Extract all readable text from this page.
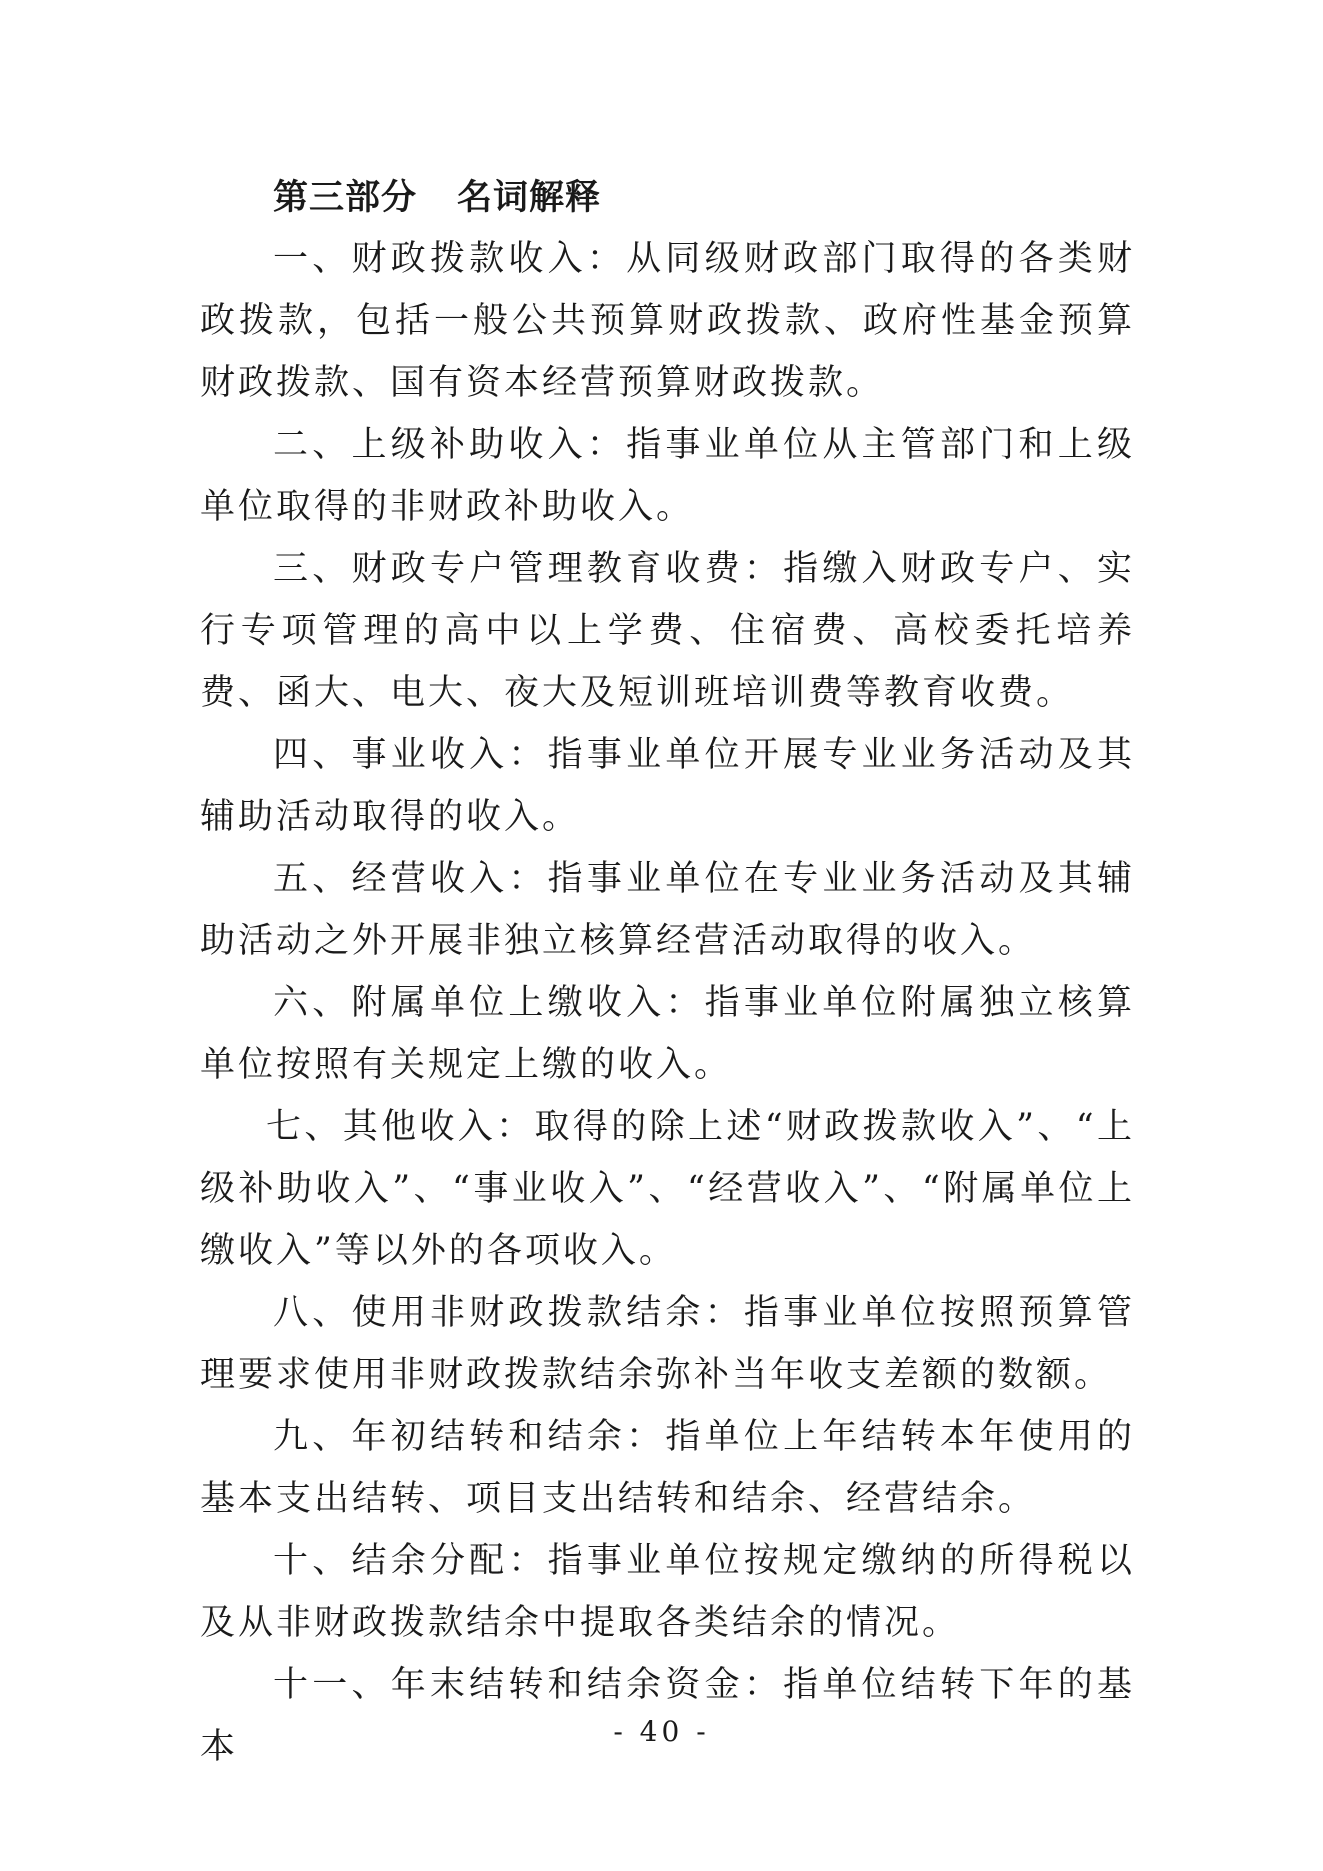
第三部分 名词解释

一、财政拨款收入：从同级财政部门取得的各类财政拨款，包括一般公共预算财政拨款、政府性基金预算财政拨款、国有资本经营预算财政拨款。

二、上级补助收入：指事业单位从主管部门和上级单位取得的非财政补助收入。

三、财政专户管理教育收费：指缴入财政专户、实行专项管理的高中以上学费、住宿费、高校委托培养费、函大、电大、夜大及短训班培训费等教育收费。

四、事业收入：指事业单位开展专业业务活动及其辅助活动取得的收入。

五、经营收入：指事业单位在专业业务活动及其辅助活动之外开展非独立核算经营活动取得的收入。

六、附属单位上缴收入：指事业单位附属独立核算单位按照有关规定上缴的收入。

七、其他收入：取得的除上述“财政拨款收入”、“上级补助收入”、“事业收入”、“经营收入”、“附属单位上缴收入”等以外的各项收入。

八、使用非财政拨款结余：指事业单位按照预算管理要求使用非财政拨款结余弥补当年收支差额的数额。

九、年初结转和结余：指单位上年结转本年使用的基本支出结转、项目支出结转和结余、经营结余。

十、结余分配：指事业单位按规定缴纳的所得税以及从非财政拨款结余中提取各类结余的情况。

十一、年末结转和结余资金：指单位结转下年的基本	- 40 -
